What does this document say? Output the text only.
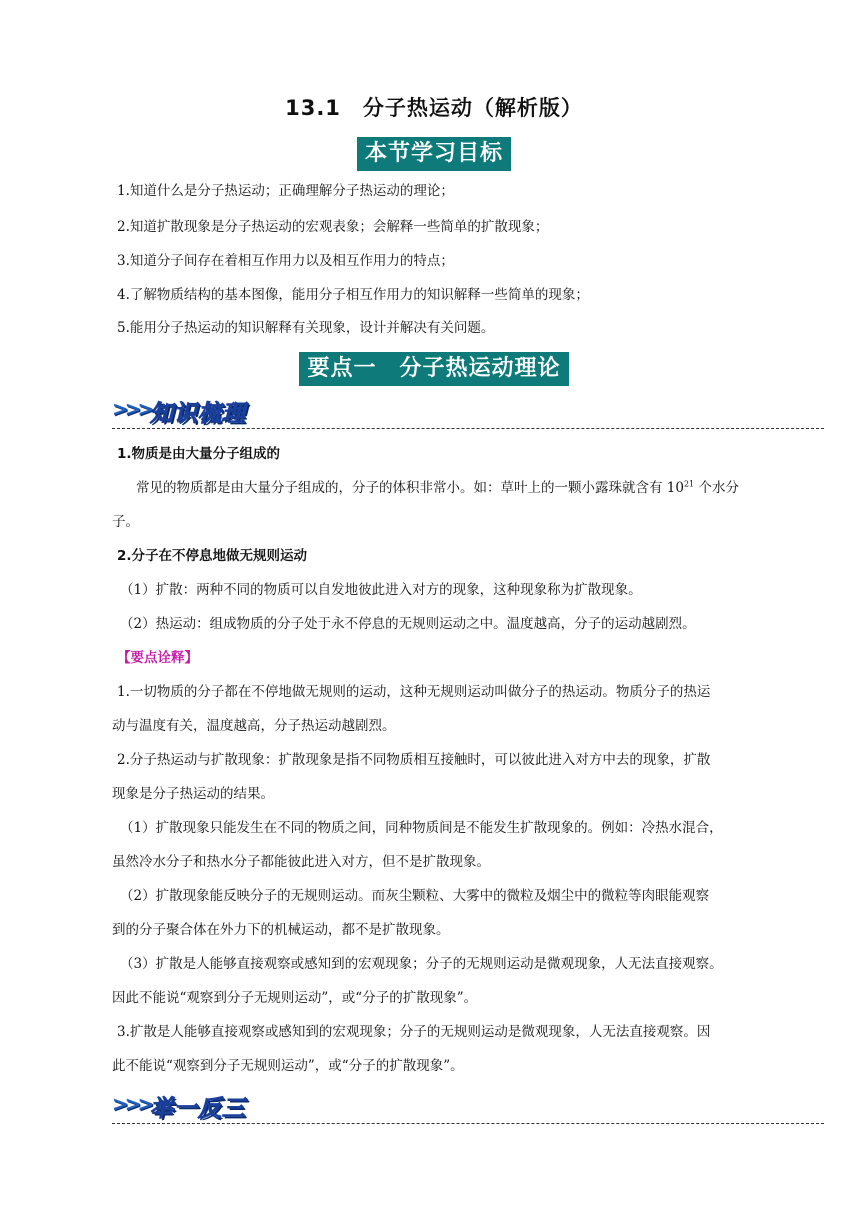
13.1　分子热运动（解析版）
本节学习目标

1.知道什么是分子热运动；正确理解分子热运动的理论；

2.知道扩散现象是分子热运动的宏观表象；会解释一些简单的扩散现象；

3.知道分子间存在着相互作用力以及相互作用力的特点；

4.了解物质结构的基本图像，能用分子相互作用力的知识解释一些简单的现象；

5.能用分子热运动的知识解释有关现象，设计并解决有关问题。

要点一　分子热运动理论
>>> 知识梳理

1.物质是由大量分子组成的

常见的物质都是由大量分子组成的，分子的体积非常小。如：草叶上的一颗小露珠就含有 $10^{21}$ 个水分

子。

2.分子在不停息地做无规则运动

（1）扩散：两种不同的物质可以自发地彼此进入对方的现象，这种现象称为扩散现象。

（2）热运动：组成物质的分子处于永不停息的无规则运动之中。温度越高，分子的运动越剧烈。

【要点诠释】

1.一切物质的分子都在不停地做无规则的运动，这种无规则运动叫做分子的热运动。物质分子的热运

动与温度有关，温度越高，分子热运动越剧烈。

2.分子热运动与扩散现象：扩散现象是指不同物质相互接触时，可以彼此进入对方中去的现象，扩散

现象是分子热运动的结果。

（1）扩散现象只能发生在不同的物质之间，同种物质间是不能发生扩散现象的。例如：冷热水混合，

虽然冷水分子和热水分子都能彼此进入对方，但不是扩散现象。

（2）扩散现象能反映分子的无规则运动。而灰尘颗粒、大雾中的微粒及烟尘中的微粒等肉眼能观察

到的分子聚合体在外力下的机械运动，都不是扩散现象。

（3）扩散是人能够直接观察或感知到的宏观现象；分子的无规则运动是微观现象，人无法直接观察。

因此不能说“观察到分子无规则运动”，或“分子的扩散现象”。

3.扩散是人能够直接观察或感知到的宏观现象；分子的无规则运动是微观现象，人无法直接观察。因

此不能说“观察到分子无规则运动”，或“分子的扩散现象”。

>>> 举一反三
